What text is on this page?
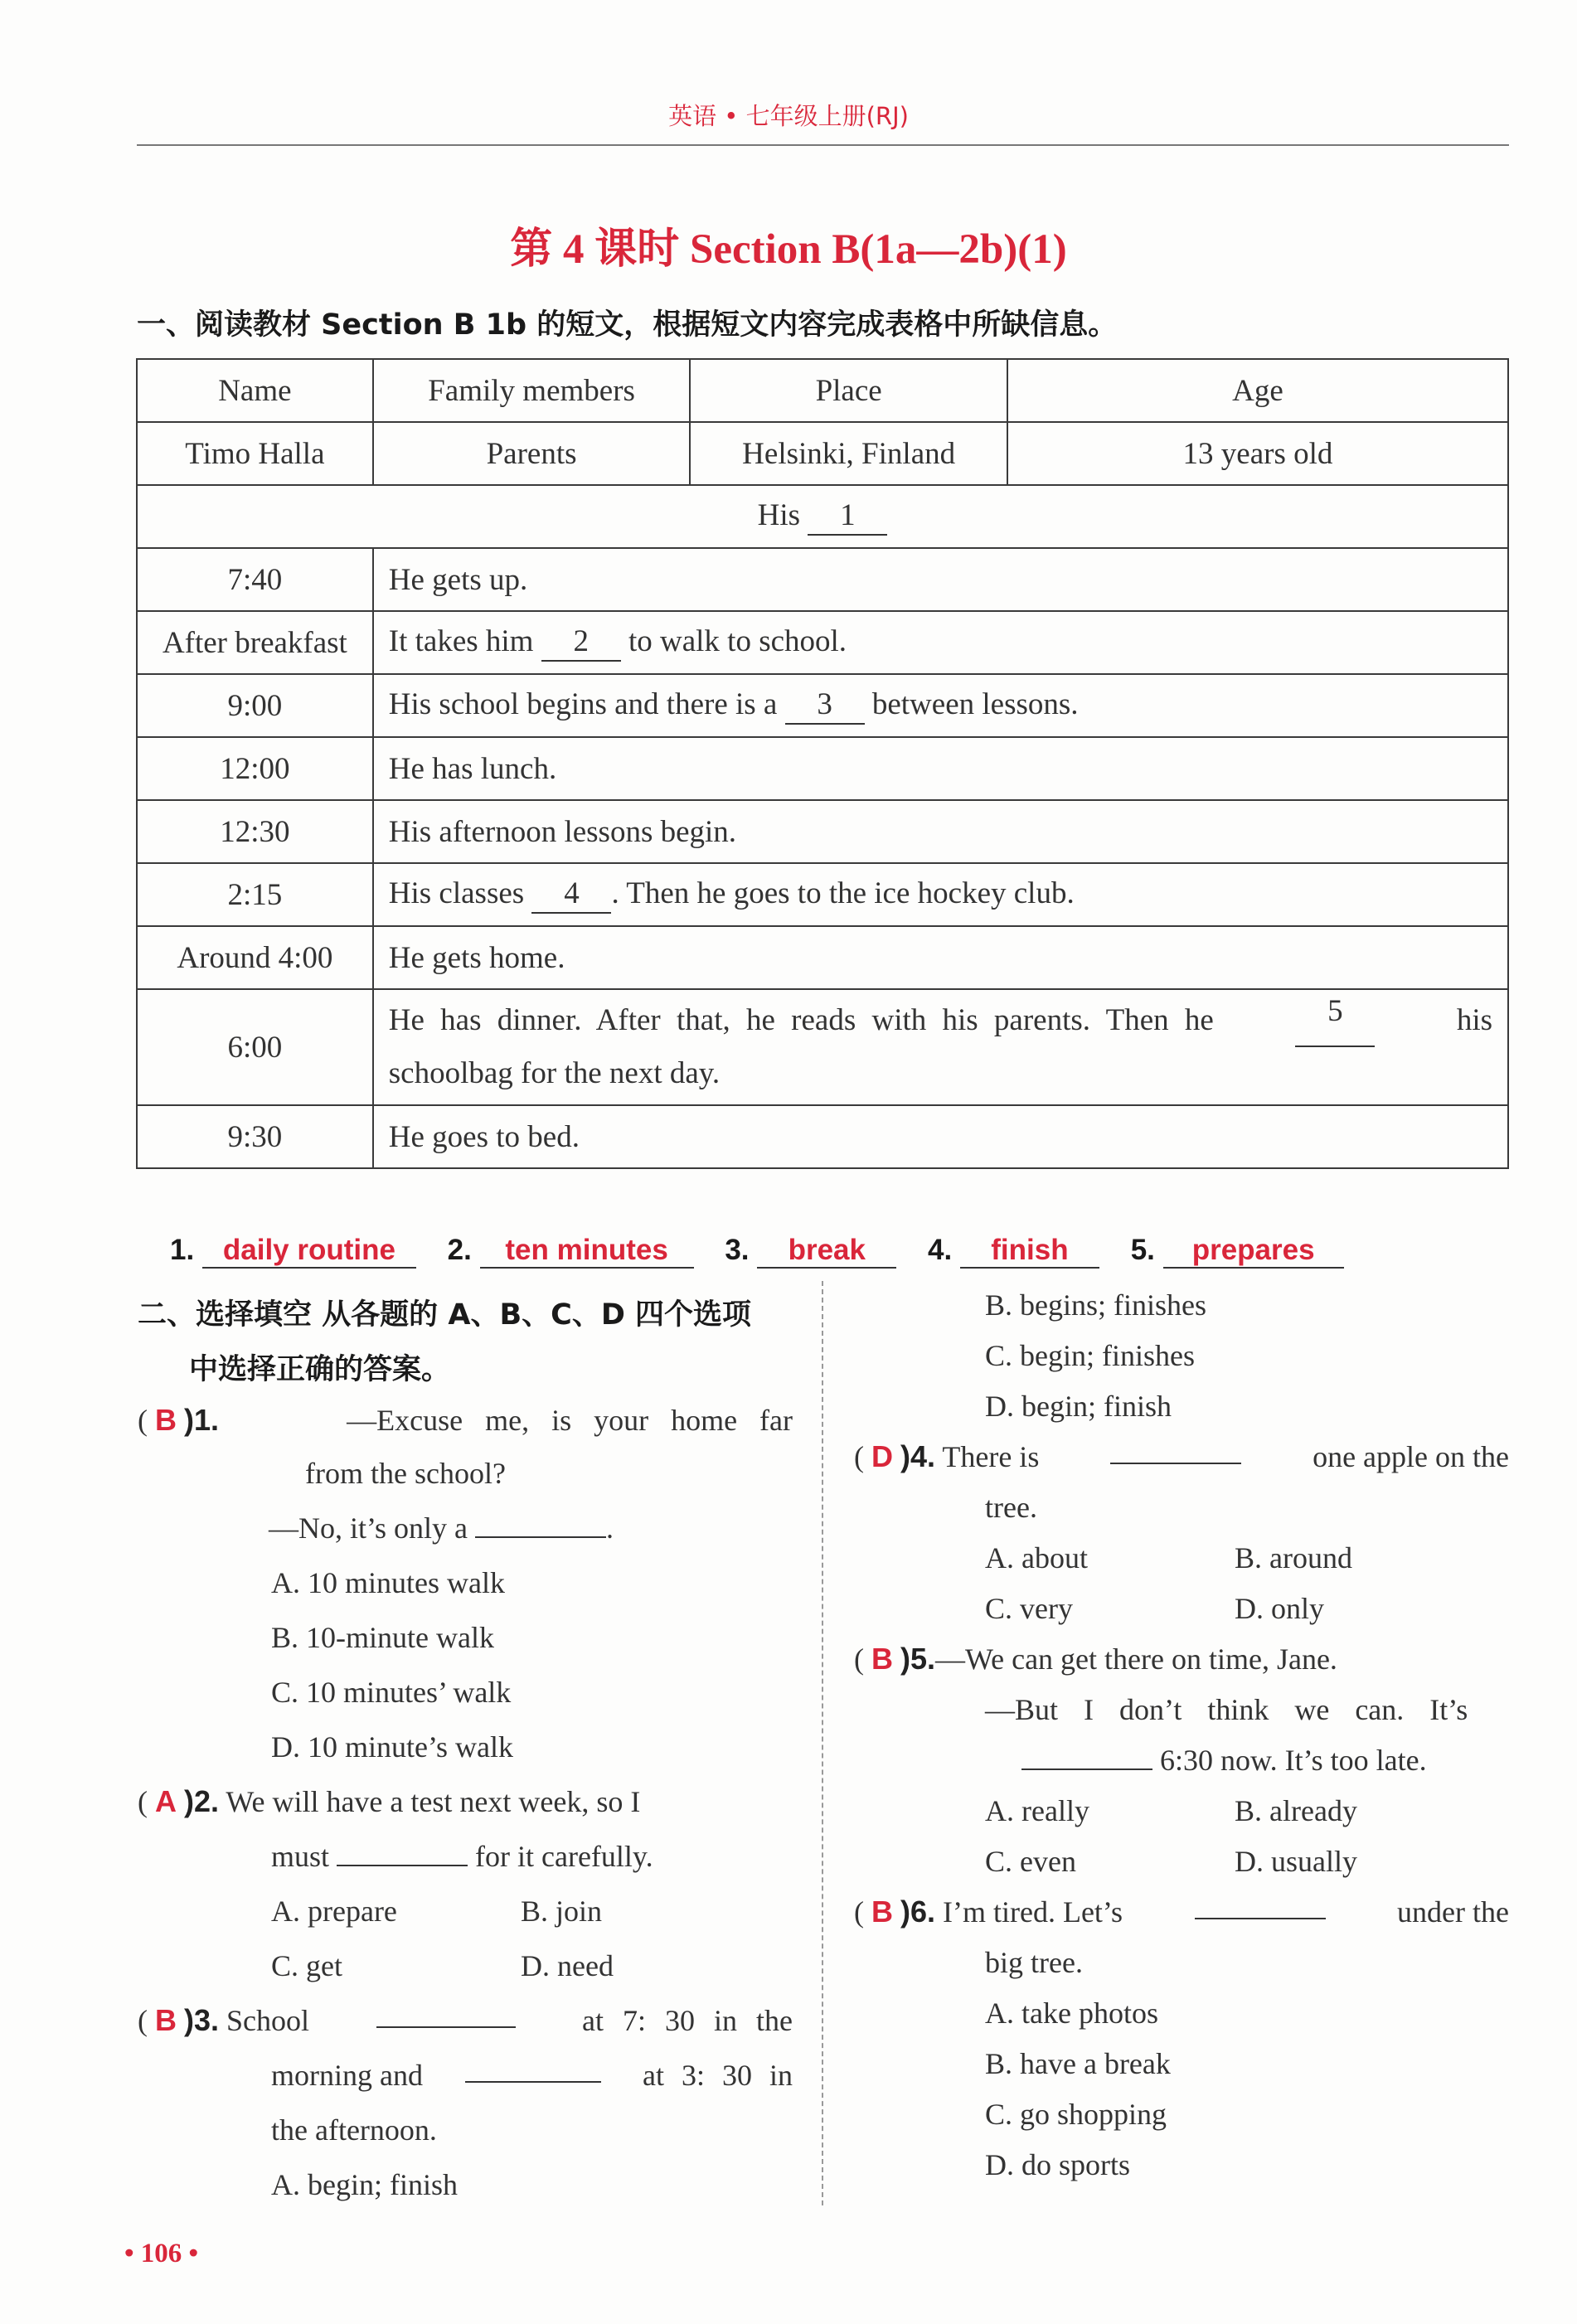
英语 • 七年级上册(RJ)
第 4 课时 Section B(1a—2b)(1)
一、阅读教材 Section B 1b 的短文，根据短文内容完成表格中所缺信息。
Name	Family members	Place	Age
Timo Halla	Parents	Helsinki, Finland	13 years old
His 1			
7:40	He gets up.		
After breakfast	It takes him 2 to walk to school.		
9:00	His school begins and there is a 3 between lessons.		
12:00	He has lunch.		
12:30	His afternoon lessons begin.		
2:15	His classes 4 . Then he goes to the ice hockey club.		
Around 4:00	He gets home.		
6:00	He has dinner. After that, he reads with his parents. Then he 5 his
schoolbag for the next day.		

9:30	He goes to bed.		
1. daily routine 2. ten minutes 3. break 4. finish 5. prepares
二、选择填空 从各题的 A、B、C、D 四个选项
中选择正确的答案。
( B )1.	—Excuse me, is your home far
from the school?
—No, it’s only a	.
A. 10 minutes walk
B. 10-minute walk
C. 10 minutes’ walk
D. 10 minute’s walk
( A )2. We will have a test next week, so I
must	for it carefully.
A. prepare	B. join
C. get	D. need
( B )3. School	at 7: 30 in the
morning and	at 3: 30 in
the afternoon.
A. begin; finish
B. begins; finishes
C. begin; finishes
D. begin; finish
( D )4. There is	one apple on the
tree.
A. about	B. around
C. very	D. only
( B )5.—We can get there on time, Jane.
—But I don’t think we can. It’s
6:30 now. It’s too late.
A. really	B. already
C. even	D. usually
( B )6. I’m tired. Let’s	under the
big tree.
A. take photos
B. have a break
C. go shopping
D. do sports
• 106 •
